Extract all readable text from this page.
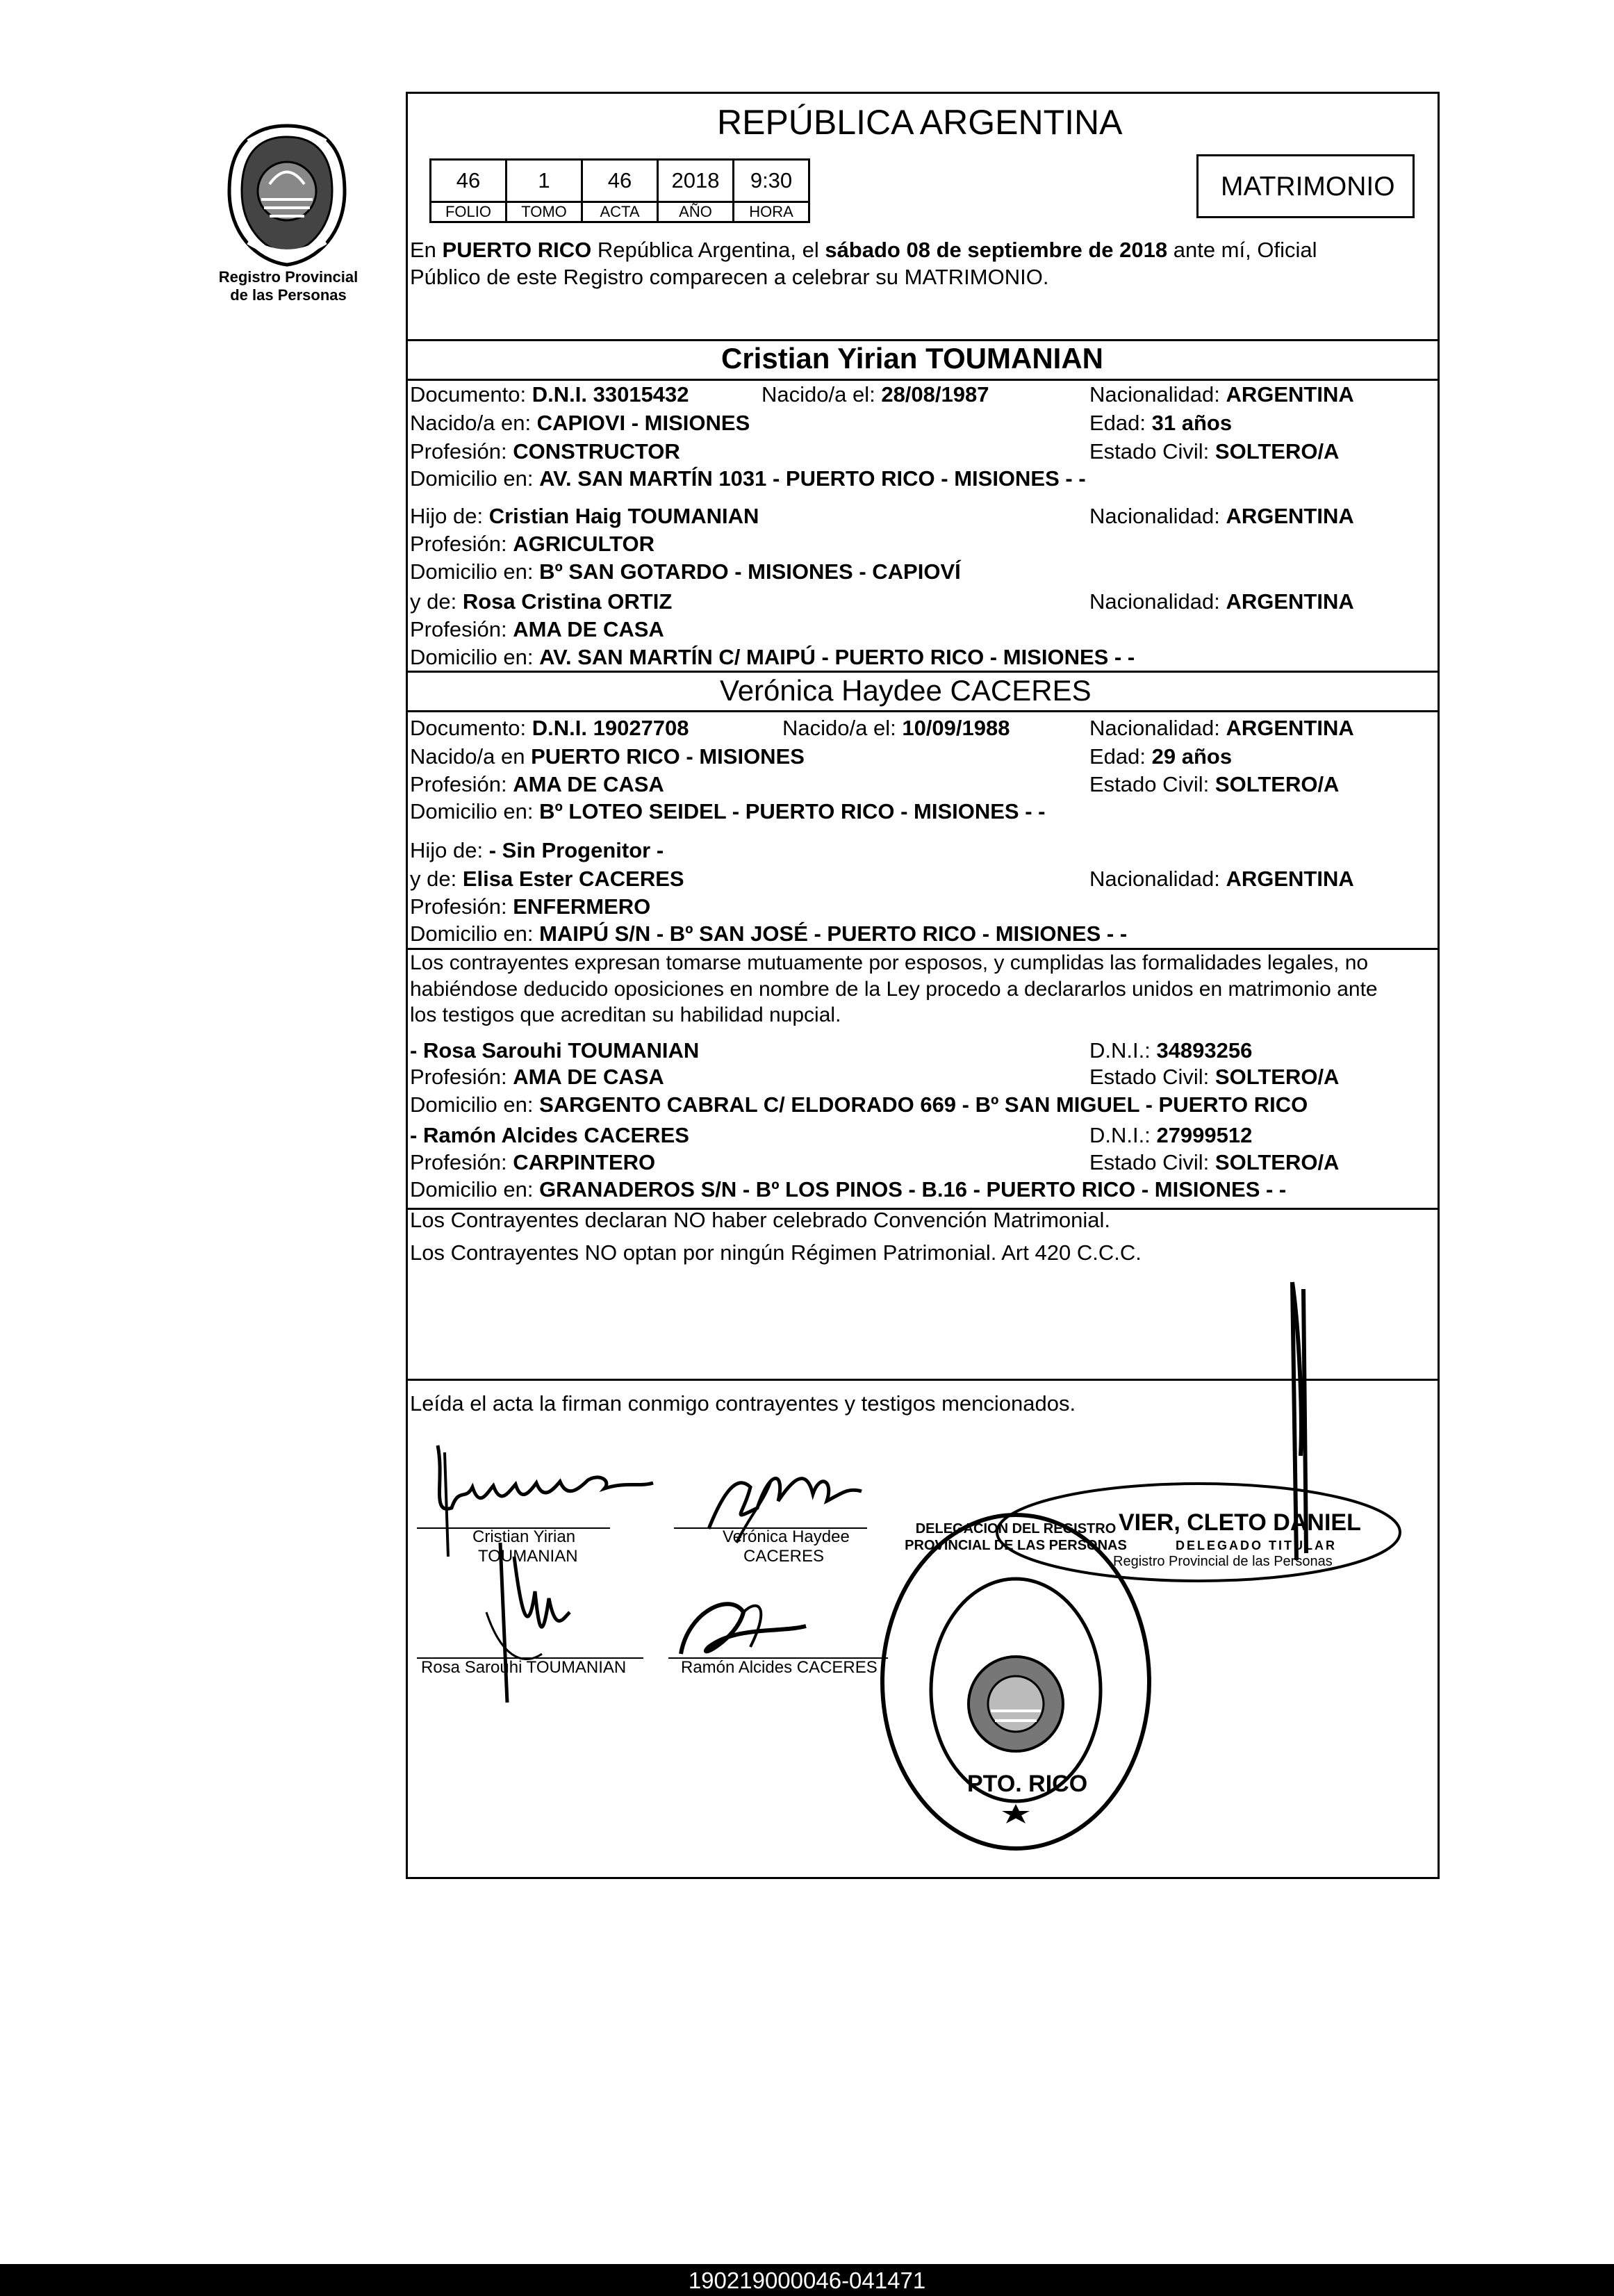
Registro Provincial
de las Personas
REPÚBLICA ARGENTINA
46	1	46	2018	9:30
FOLIO	TOMO	ACTA	AÑO	HORA
MATRIMONIO
En PUERTO RICO República Argentina, el sábado 08 de septiembre de 2018 ante mí, Oficial
Público de este Registro comparecen a celebrar su MATRIMONIO.
Cristian Yirian TOUMANIAN
Documento: D.N.I. 33015432	Nacido/a el: 28/08/1987	Nacionalidad: ARGENTINA
Nacido/a en: CAPIOVI - MISIONES	Edad: 31 años
Profesión: CONSTRUCTOR	Estado Civil: SOLTERO/A
Domicilio en: AV. SAN MARTÍN 1031 - PUERTO RICO - MISIONES - -
Hijo de: Cristian Haig TOUMANIAN	Nacionalidad: ARGENTINA
Profesión: AGRICULTOR
Domicilio en: Bº SAN GOTARDO - MISIONES - CAPIOVÍ
y de: Rosa Cristina ORTIZ	Nacionalidad: ARGENTINA
Profesión: AMA DE CASA
Domicilio en: AV. SAN MARTÍN C/ MAIPÚ - PUERTO RICO - MISIONES - -
Verónica Haydee CACERES
Documento: D.N.I. 19027708	Nacido/a el: 10/09/1988	Nacionalidad: ARGENTINA
Nacido/a en PUERTO RICO - MISIONES	Edad: 29 años
Profesión: AMA DE CASA	Estado Civil: SOLTERO/A
Domicilio en: Bº LOTEO SEIDEL - PUERTO RICO - MISIONES - -
Hijo de: - Sin Progenitor -
y de: Elisa Ester CACERES	Nacionalidad: ARGENTINA
Profesión: ENFERMERO
Domicilio en: MAIPÚ S/N - Bº SAN JOSÉ - PUERTO RICO - MISIONES - -
Los contrayentes expresan tomarse mutuamente por esposos, y cumplidas las formalidades legales, no
habiéndose deducido oposiciones en nombre de la Ley procedo a declararlos unidos en matrimonio ante
los testigos que acreditan su habilidad nupcial.
- Rosa Sarouhi TOUMANIAN	D.N.I.: 34893256
Profesión: AMA DE CASA	Estado Civil: SOLTERO/A
Domicilio en: SARGENTO CABRAL C/ ELDORADO 669 - Bº SAN MIGUEL - PUERTO RICO
- Ramón Alcides CACERES	D.N.I.: 27999512
Profesión: CARPINTERO	Estado Civil: SOLTERO/A
Domicilio en: GRANADEROS S/N - Bº LOS PINOS - B.16 - PUERTO RICO - MISIONES - -
Los Contrayentes declaran NO haber celebrado Convención Matrimonial.
Los Contrayentes NO optan por ningún Régimen Patrimonial. Art 420 C.C.C.
Leída el acta la firman conmigo contrayentes y testigos mencionados.
Cristian Yirian
TOUMANIAN
Verónica Haydee
CACERES
Rosa Sarouhi TOUMANIAN	Ramón Alcides CACERES
VIER, CLETO DANIEL
DELEGADO TITULAR
Registro Provincial de las Personas
DELEGACION DEL REGISTRO PROVINCIAL DE LAS PERSONAS
PTO. RICO
190219000046-041471
